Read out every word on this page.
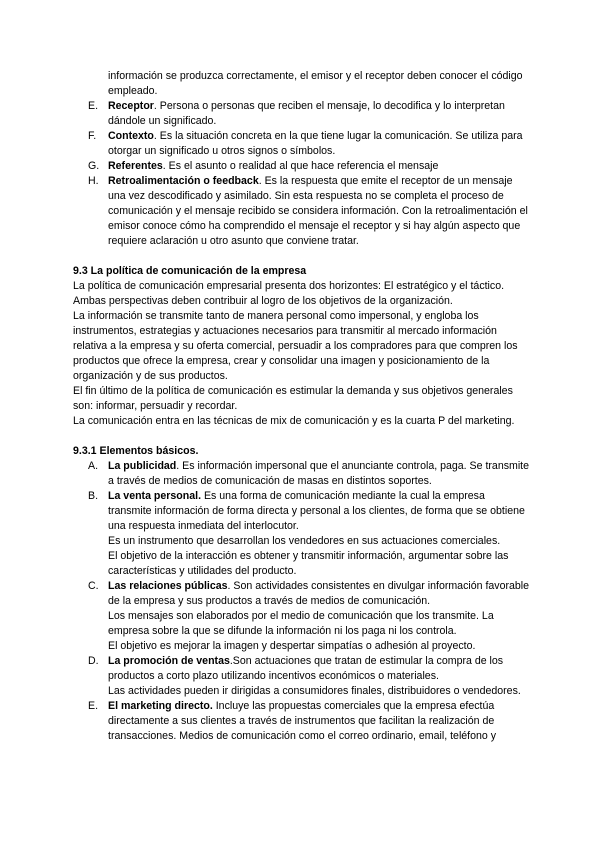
información se produzca correctamente, el emisor y el receptor deben conocer el código empleado.

E. Receptor. Persona o personas que reciben el mensaje, lo decodifica y lo interpretan dándole un significado.
F. Contexto. Es la situación concreta en la que tiene lugar la comunicación. Se utiliza para otorgar un significado u otros signos o símbolos.
G. Referentes. Es el asunto o realidad al que hace referencia el mensaje
H. Retroalimentación o feedback. Es la respuesta que emite el receptor de un mensaje una vez descodificado y asimilado. Sin esta respuesta no se completa el proceso de comunicación y el mensaje recibido se considera información. Con la retroalimentación el emisor conoce cómo ha comprendido el mensaje el receptor y si hay algún aspecto que requiere aclaración u otro asunto que conviene tratar.
9.3 La política de comunicación de la empresa

La política de comunicación empresarial presenta dos horizontes: El estratégico y el táctico. Ambas perspectivas deben contribuir al logro de los objetivos de la organización.

La información se transmite tanto de manera personal como impersonal, y engloba los instrumentos, estrategias y actuaciones necesarios para transmitir al mercado información relativa a la empresa y su oferta comercial, persuadir a los compradores para que compren los productos que ofrece la empresa, crear y consolidar una imagen y posicionamiento de la organización y de sus productos.

El fin último de la política de comunicación es estimular la demanda y sus objetivos generales son: informar, persuadir y recordar.

La comunicación entra en las técnicas de mix de comunicación y es la cuarta P del marketing.

9.3.1 Elementos básicos.
A. La publicidad. Es información impersonal que el anunciante controla, paga. Se transmite a través de medios de comunicación de masas en distintos soportes.
B. La venta personal. Es una forma de comunicación mediante la cual la empresa transmite información de forma directa y personal a los clientes, de forma que se obtiene una respuesta inmediata del interlocutor.

Es un instrumento que desarrollan los vendedores en sus actuaciones comerciales.

El objetivo de la interacción es obtener y transmitir información, argumentar sobre las características y utilidades del producto.

C. Las relaciones públicas. Son actividades consistentes en divulgar información favorable de la empresa y sus productos a través de medios de comunicación.

Los mensajes son elaborados por el medio de comunicación que los transmite. La empresa sobre la que se difunde la información ni los paga ni los controla.

El objetivo es mejorar la imagen y despertar simpatías o adhesión al proyecto.

D. La promoción de ventas.Son actuaciones que tratan de estimular la compra de los productos a corto plazo utilizando incentivos económicos o materiales.

Las actividades pueden ir dirigidas a consumidores finales, distribuidores o vendedores.

E. El marketing directo. Incluye las propuestas comerciales que la empresa efectúa directamente a sus clientes a través de instrumentos que facilitan la realización de transacciones. Medios de comunicación como el correo ordinario, email, teléfono y
